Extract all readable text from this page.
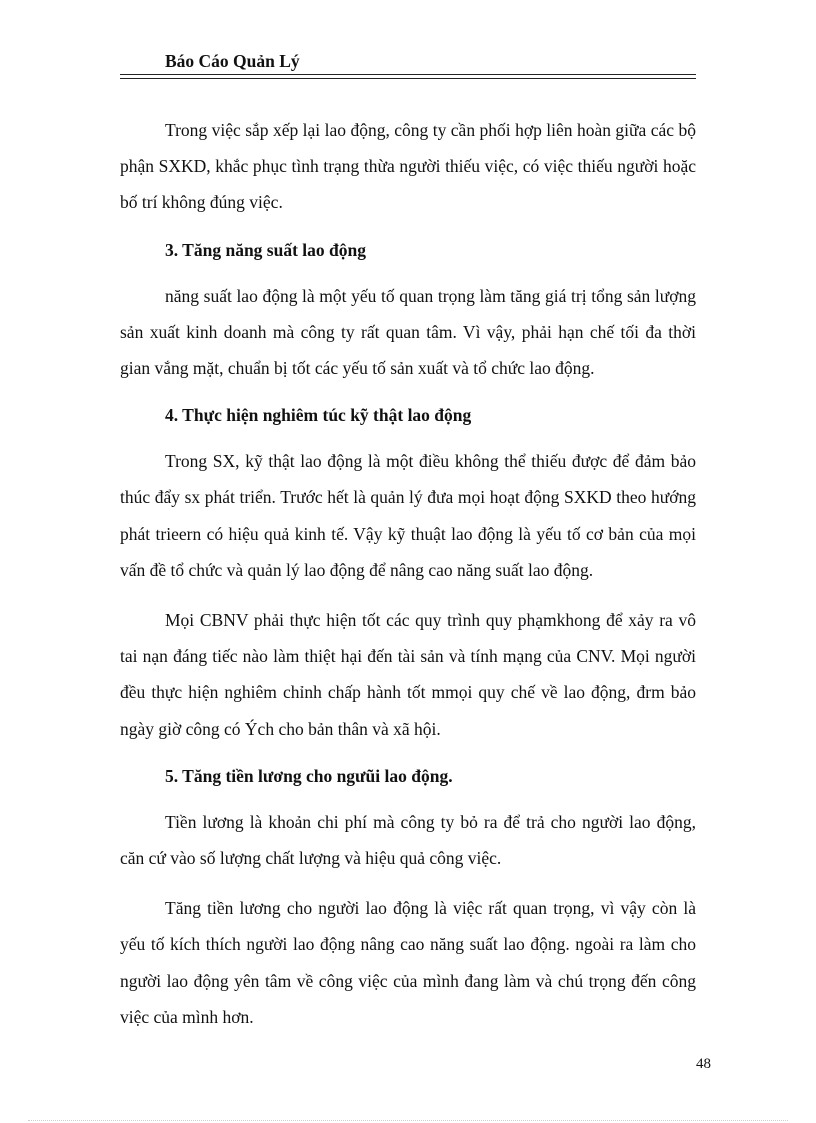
Báo Cáo Quản Lý

Trong việc sắp xếp lại lao động, công ty cần phối hợp liên hoàn giữa các bộ phận SXKD, khắc phục tình trạng thừa người thiếu việc, có việc thiếu người hoặc bố trí không đúng việc.

3. Tăng năng suất lao động

năng suất lao động là một yếu tố quan trọng làm tăng giá trị tổng sản lượng sản xuất kinh doanh mà công ty rất quan tâm. Vì vậy, phải hạn chế tối đa thời gian vắng mặt, chuẩn bị tốt các yếu tố sản xuất và tổ chức lao động.

4. Thực hiện nghiêm túc kỹ thật lao động

Trong SX, kỹ thật lao động là một điều không thể thiếu được để đảm bảo thúc đẩy sx phát triển. Trước hết là quản lý đưa mọi hoạt động SXKD theo hướng phát trieern có hiệu quả kinh tế. Vậy kỹ thuật lao động là yếu tố cơ bản của mọi vấn đề tổ chức và quản lý lao động để nâng cao năng suất lao động.

Mọi CBNV phải thực hiện tốt các quy trình quy phạmkhong để xảy ra vô tai nạn đáng tiếc nào làm thiệt hại đến tài sản và tính mạng của CNV. Mọi người đều thực hiện nghiêm chỉnh chấp hành tốt mmọi quy chế về lao động, đrm bảo ngày giờ công có Ých cho bản thân và xã hội.

5. Tăng tiền lương cho ngưũi lao động.

Tiền lương là khoản chi phí mà công ty bỏ ra để trả cho người lao động, căn cứ vào số lượng chất lượng và hiệu quả công việc.

Tăng tiền lương cho người lao động là việc rất quan trọng, vì vậy còn là yếu tố kích thích người lao động nâng cao năng suất lao động. ngoài ra làm cho người lao động yên tâm về công việc của mình đang làm và chú trọng đến công việc của mình hơn.

48
